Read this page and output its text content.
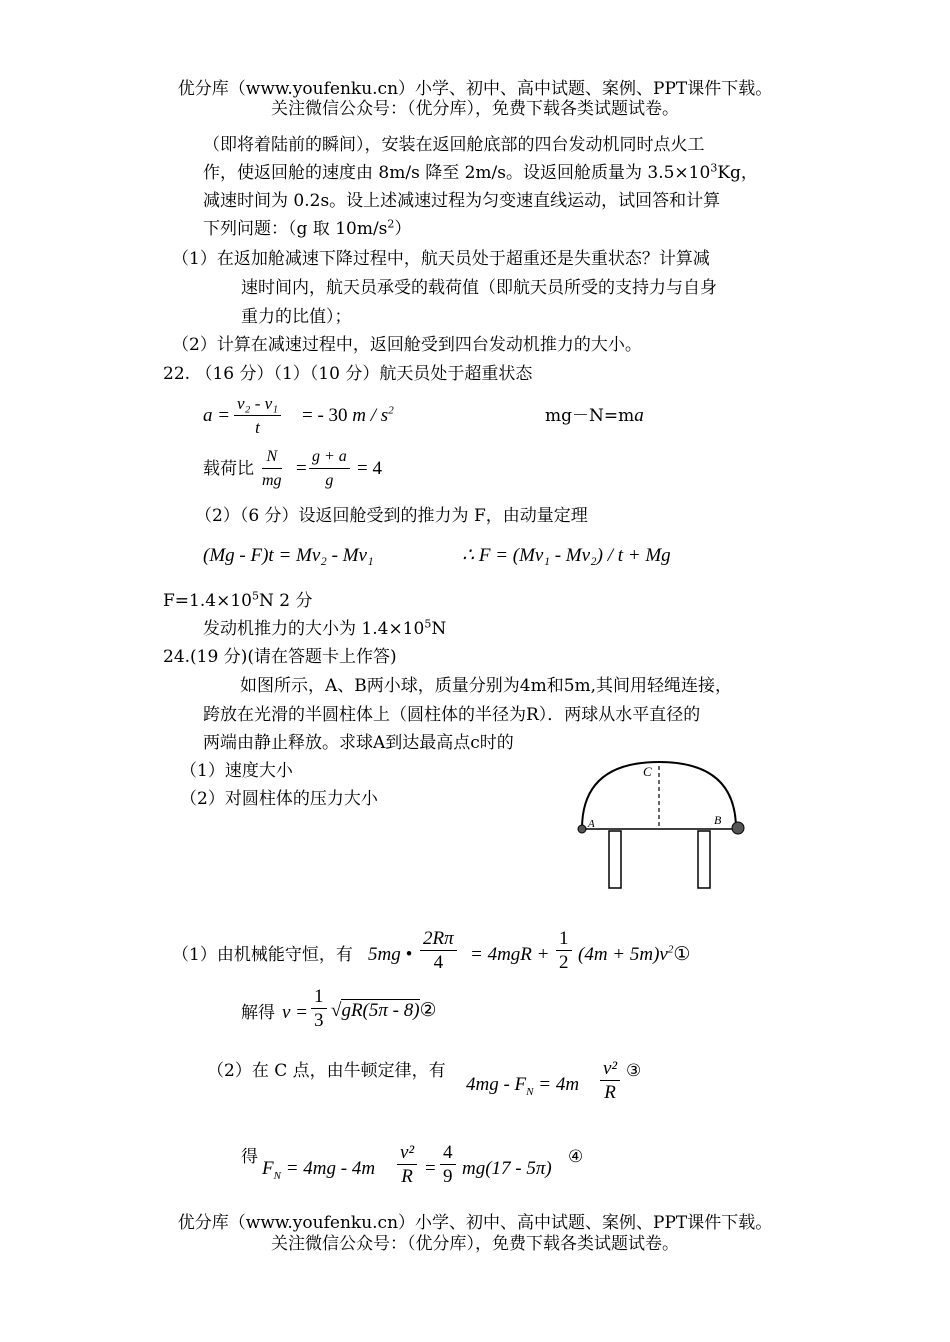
优分库（www.youfenku.cn）小学、初中、高中试题、案例、PPT课件下载。
关注微信公众号：（优分库），免费下载各类试题试卷。
（即将着陆前的瞬间），安装在返回舱底部的四台发动机同时点火工
作，使返回舱的速度由 8m/s 降至 2m/s。设返回舱质量为 $3.5\times 10^3Kg$，
减速时间为 0.2s。设上述减速过程为匀变速直线运动，试回答和计算
下列问题：（g 取 $10m/s^2$）
（1）在返加舱减速下降过程中，航天员处于超重还是失重状态？计算减
速时间内，航天员承受的载荷值（即航天员所受的支持力与自身
重力的比值）；
（2）计算在减速过程中，返回舱受到四台发动机推力的大小。
22. （16 分）（1）（10 分）航天员处于超重状态
$a = \frac{\text{v₂ - v₁}}{t}$ = - 30 m / $s^2$	mg－N=ma
载荷比 $\frac{N}{mg} = \frac{g + a}{g} = 4$
（2）（6 分）设返回舱受到的推力为 F，由动量定理
(Mg - F)t = Mv₂ - Mv₁	∴ F = (Mv₁ - Mv₂) / t + Mg
$F=1.4\times 10^5N$ 2 分
发动机推力的大小为 $1.4\times 10^5N$
24.(19 分)(请在答题卡上作答)
如图所示，A、B两小球，质量分别为4m和5m,其间用轻绳连接，
跨放在光滑的半圆柱体上（圆柱体的半径为R）．两球从水平直径的
两端由静止释放。求球A到达最高点c时的
（1）速度大小
（2）对圆柱体的压力大小
C
A	B
（1）由机械能守恒，有 5mg • $\frac{2R\pi}{4} = 4mgR + \frac{1}{2} (4m$ + $5m)v^2①$
解得 $v = \frac{1}{3} √gR(5\pi$ - 8)②
（2）在 C 点，由牛顿定律，有
$4mg - F_N = 4m \frac{\text{v²}}{R}$ ③
得
$F_N = 4mg - 4m \frac{\text{v²}}{R} = \frac{4}{9} mg(17 - 5\pi)$
④
优分库（www.youfenku.cn）小学、初中、高中试题、案例、PPT课件下载。
关注微信公众号：（优分库），免费下载各类试题试卷。
